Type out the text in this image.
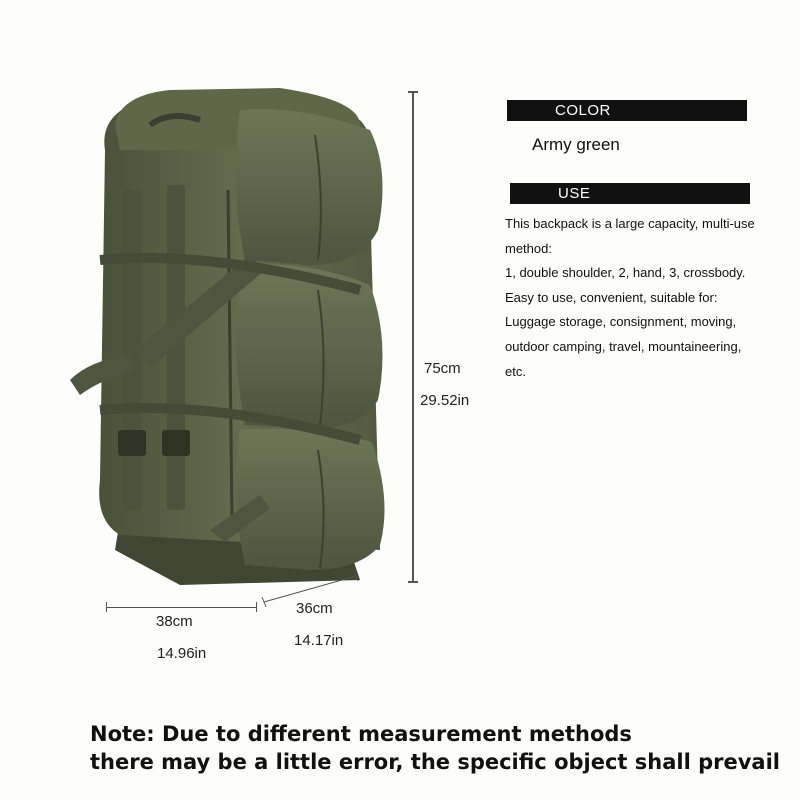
75cm
29.52in
38cm
14.96in
36cm
14.17in
COLOR
Army green
USE
This backpack is a large capacity, multi-use
method:
1, double shoulder, 2, hand, 3, crossbody.
Easy to use, convenient, suitable for:
Luggage storage, consignment, moving,
outdoor camping, travel, mountaineering,
etc.
Note: Due to different measurement methods
there may be a little error, the specific object shall prevail
